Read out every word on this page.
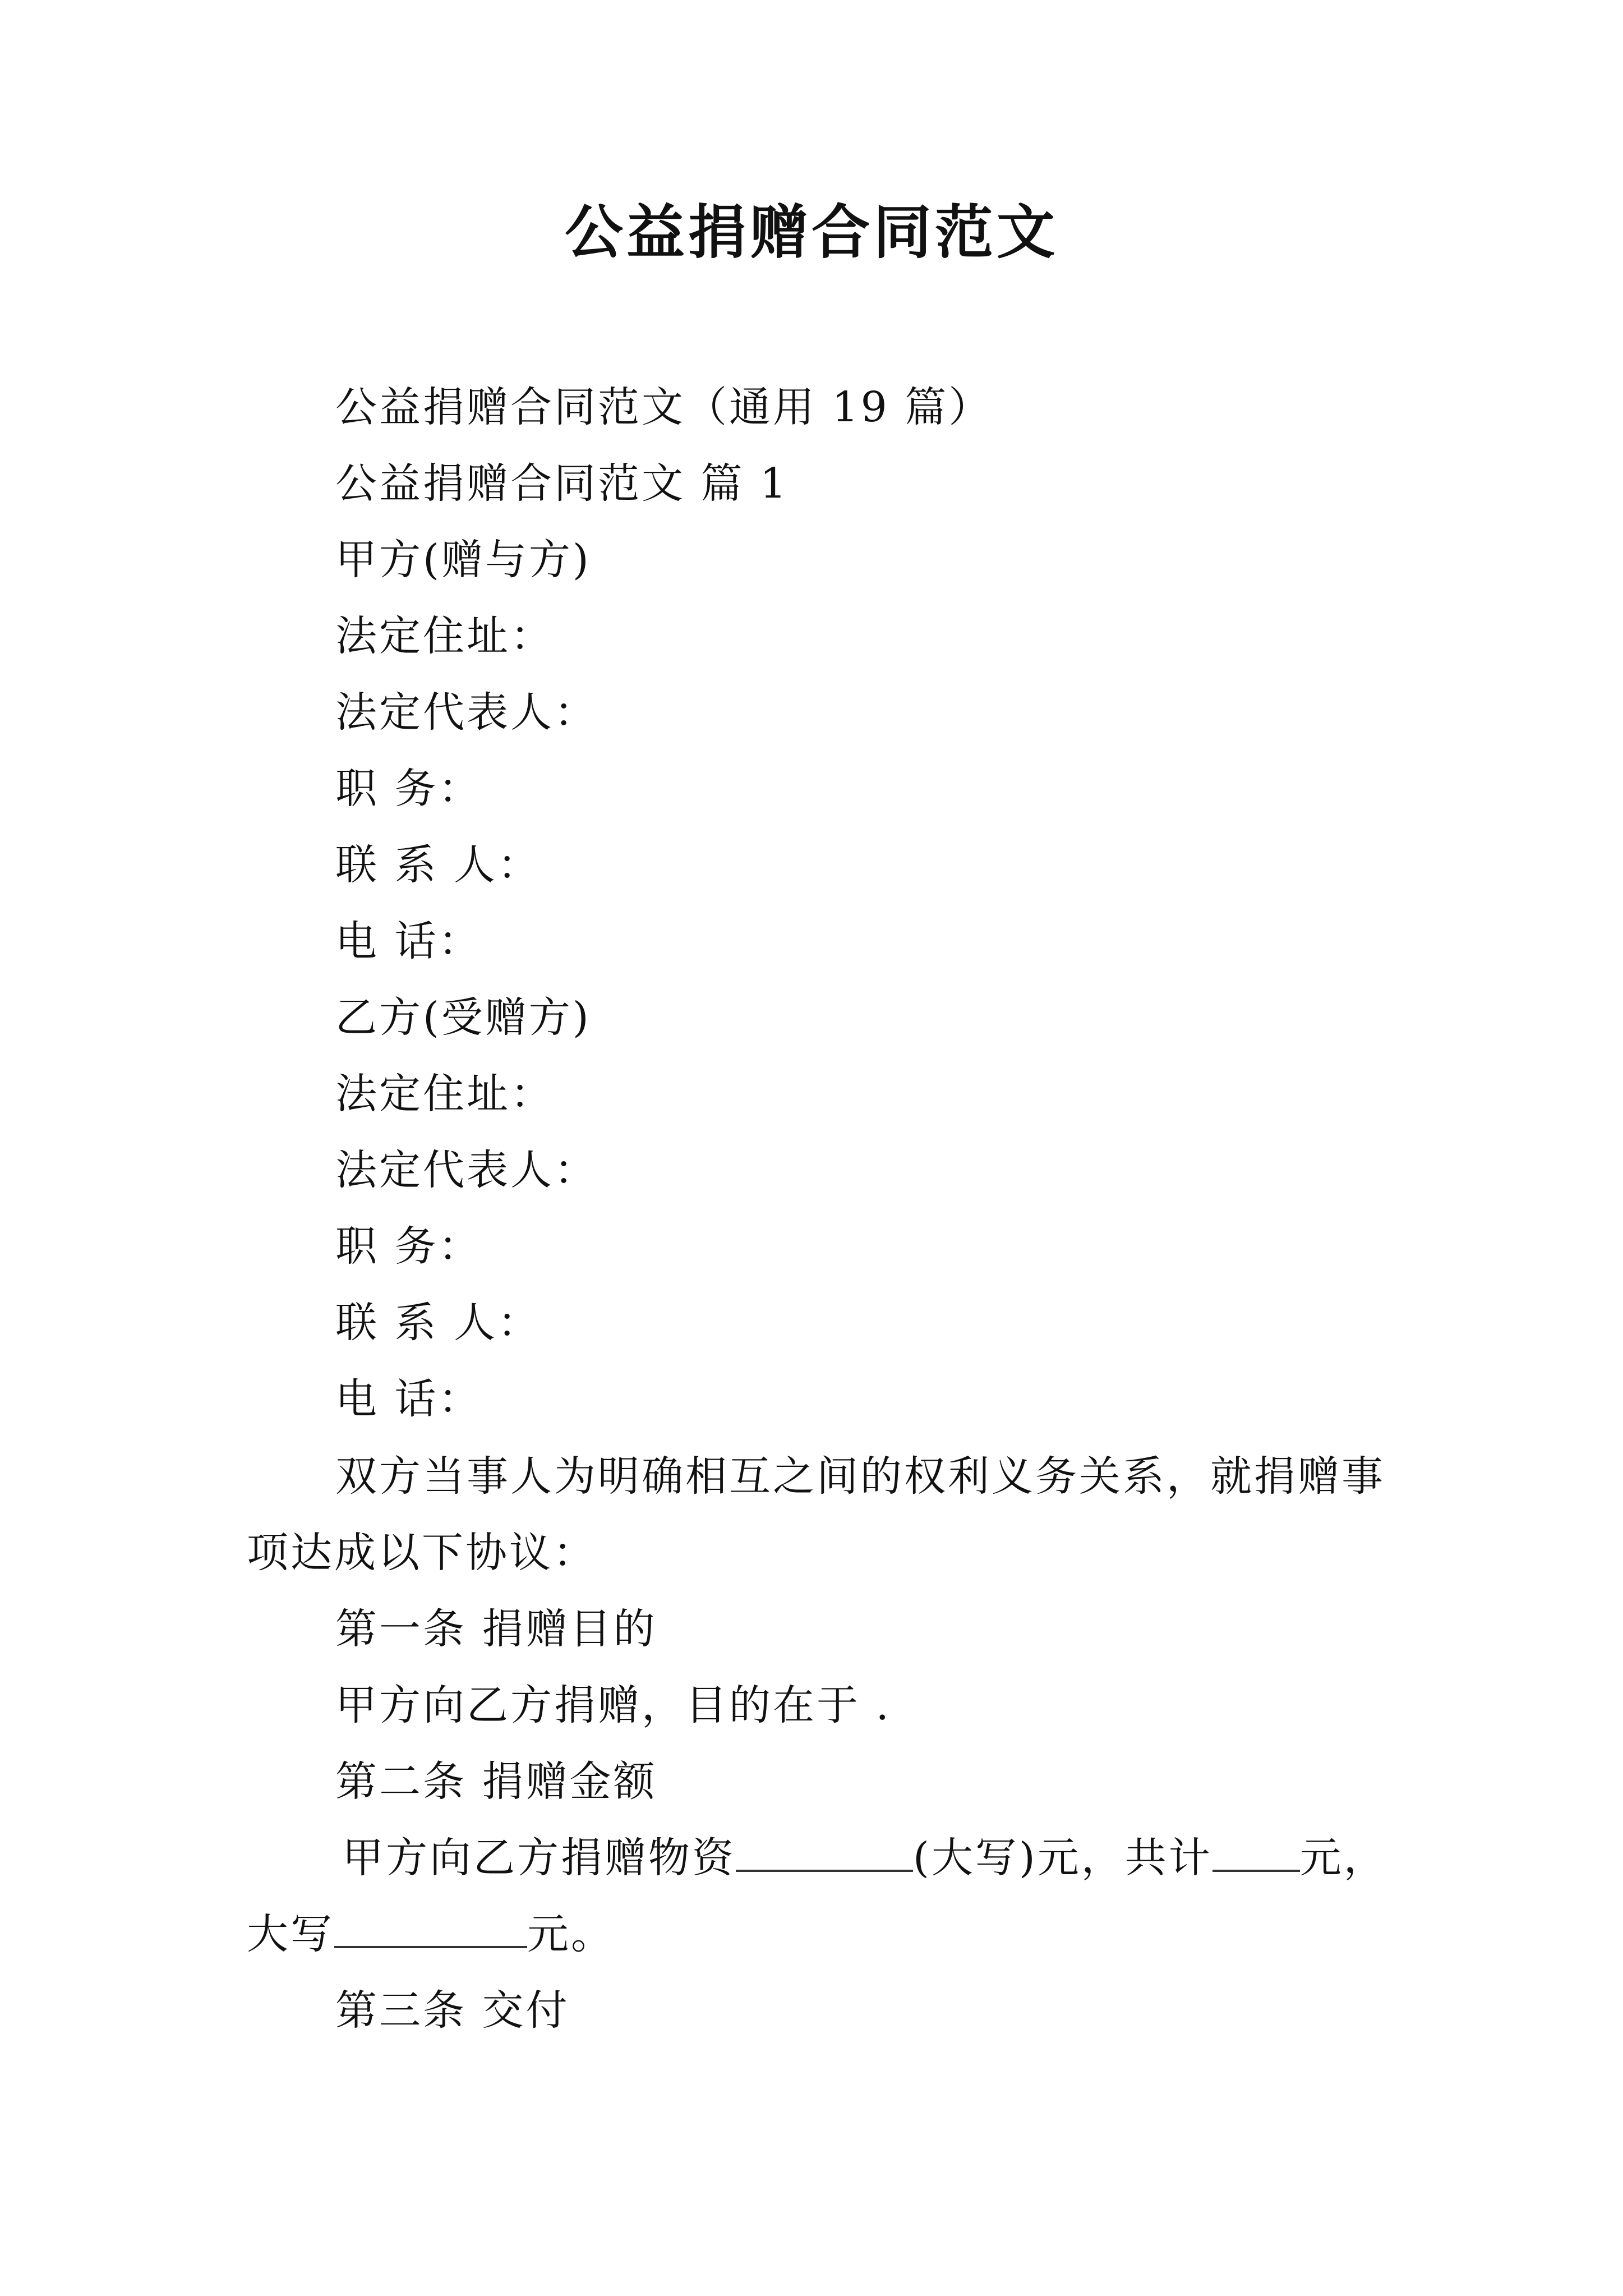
公益捐赠合同范文
公益捐赠合同范文（通用 19 篇）
公益捐赠合同范文 篇 1
甲方(赠与方)
法定住址：
法定代表人：
职 务：
联 系 人：
电 话：
乙方(受赠方)
法定住址：
法定代表人：
职 务：
联 系 人：
电 话：
双方当事人为明确相互之间的权利义务关系，就捐赠事
项达成以下协议：
第一条 捐赠目的
甲方向乙方捐赠，目的在于 .
第二条 捐赠金额
甲方向乙方捐赠物资	(大写)元，共计 元，
大写	元。
第三条 交付
